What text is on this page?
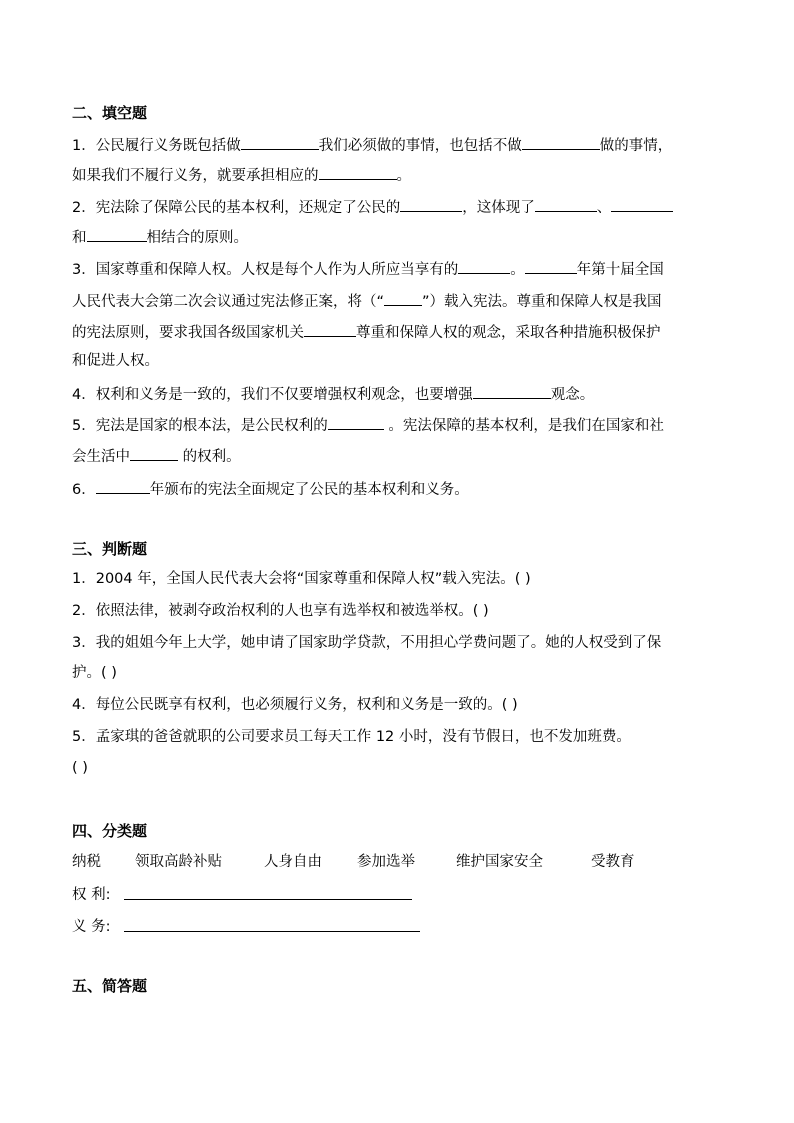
二、填空题
1．公民履行义务既包括做	我们必须做的事情，也包括不做	做的事情，
如果我们不履行义务，就要承担相应的	。
2．宪法除了保障公民的基本权利，还规定了公民的	，这体现了	、
和	相结合的原则。
3．国家尊重和保障人权。人权是每个人作为人所应当享有的	。	年第十届全国
人民代表大会第二次会议通过宪法修正案，将（“	”）载入宪法。尊重和保障人权是我国
的宪法原则，要求我国各级国家机关	尊重和保障人权的观念，采取各种措施积极保护
和促进人权。
4．权利和义务是一致的，我们不仅要增强权利观念，也要增强	观念。
5．宪法是国家的根本法，是公民权利的	。宪法保障的基本权利，是我们在国家和社
会生活中	的权利。
6．	年颁布的宪法全面规定了公民的基本权利和义务。
三、判断题
1．2004 年，全国人民代表大会将“国家尊重和保障人权”载入宪法。( )
2．依照法律，被剥夺政治权利的人也享有选举权和被选举权。( )
3．我的姐姐今年上大学，她申请了国家助学贷款，不用担心学费问题了。她的人权受到了保
护。( )
4．每位公民既享有权利，也必须履行义务，权利和义务是一致的。( )
5．孟家琪的爸爸就职的公司要求员工每天工作 12 小时，没有节假日，也不发加班费。
( )
四、分类题
纳税 领取高龄补贴	人身自由 参加选举	维护国家安全	受教育
权 利:
义 务:
五、简答题
